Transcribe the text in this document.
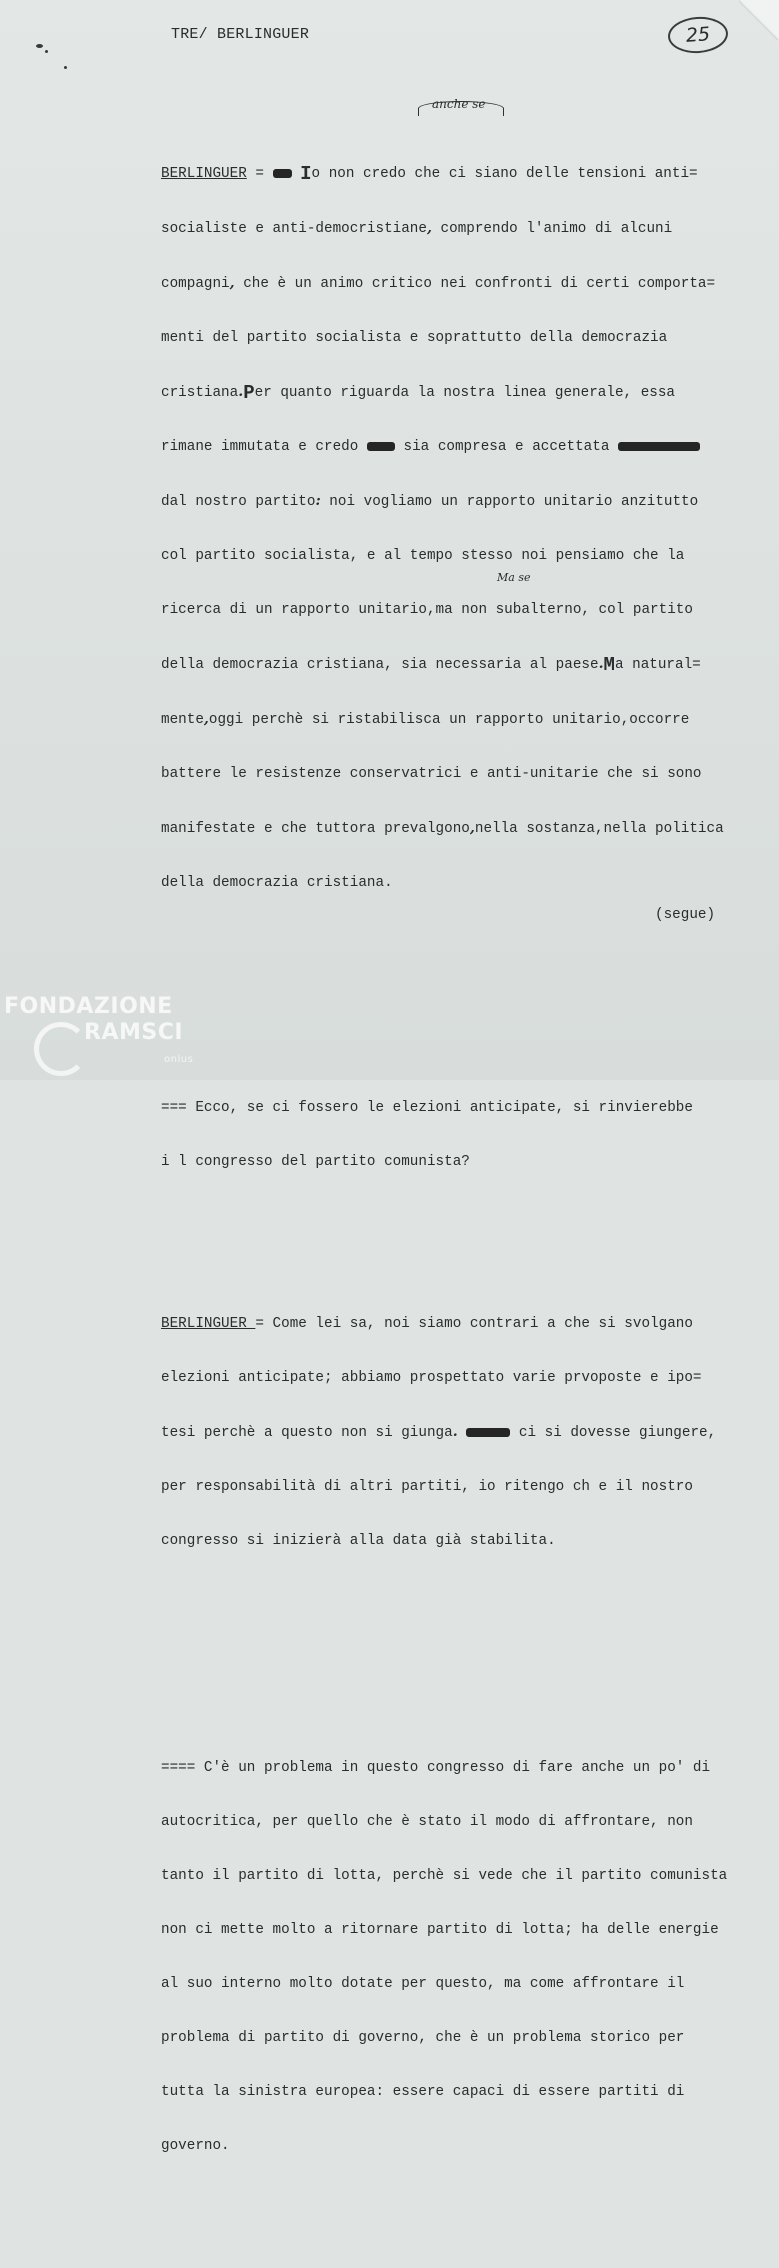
TRE/ BERLINGUER	25
anche se
Ma se

BERLINGUER =  Io non credo che ci siano delle tensioni anti=

socialiste e anti-democristiane, comprendo l'animo di alcuni

compagni, che è un animo critico nei confronti di certi comporta=

menti del partito socialista e soprattutto della democrazia

cristiana.Per quanto riguarda la nostra linea generale, essa

rimane immutata e credo  sia compresa e accettata

dal nostro partito: noi vogliamo un rapporto unitario anzitutto

col partito socialista, e al tempo stesso noi pensiamo che la

ricerca di un rapporto unitario,ma non subalterno, col partito

della democrazia cristiana, sia necessaria al paese.Ma natural=

mente,oggi perchè si ristabilisca un rapporto unitario,occorre

battere le resistenze conservatrici e anti-unitarie che si sono

manifestate e che tuttora prevalgono,nella sostanza,nella politica

della democrazia cristiana.

=== Ecco, se ci fossero le elezioni anticipate, si rinvierebbe

i l congresso del partito comunista?

BERLINGUER = Come lei sa, noi siamo contrari a che si svolgano

elezioni anticipate; abbiamo prospettato varie prvoposte e ipo=

tesi perchè a questo non si giunga.	ci si dovesse giungere,

per responsabilità di altri partiti, io ritengo ch e il nostro

congresso si inizierà alla data già stabilita.

==== C'è un problema in questo congresso di fare anche un po' di

autocritica, per quello che è stato il modo di affrontare, non

tanto il partito di lotta, perchè si vede che il partito comunista

non ci mette molto a ritornare partito di lotta; ha delle energie

al suo interno molto dotate per questo, ma come affrontare il

problema di partito di governo, che è un problema storico per

tutta la sinistra europea: essere capaci di essere partiti di

governo.

(segue)
FONDAZIONE
RAMSCI
onlus
